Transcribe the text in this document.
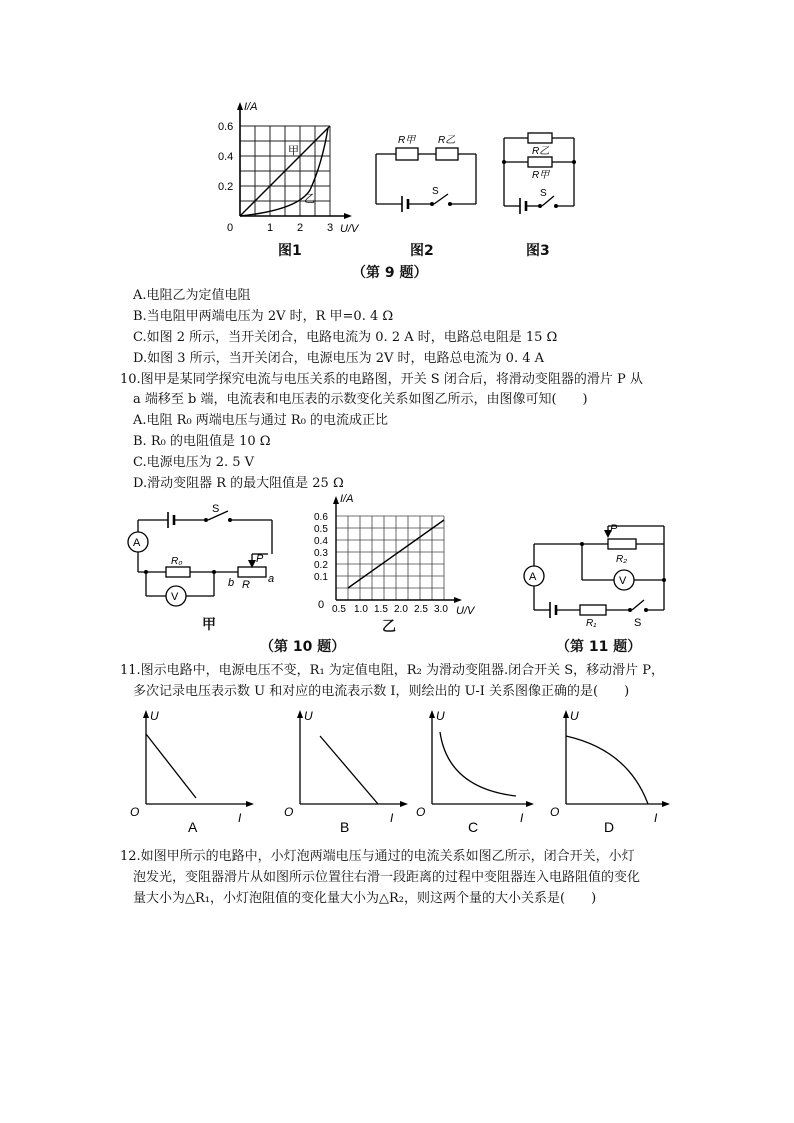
I/A
U/V
0.6
0.4
0.2
0	1 2 3
甲
乙
图1
R甲 R乙
S
图2
R乙
R甲
S
图3
（第 9 题）
A.电阻乙为定值电阻
B.当电阻甲两端电压为 2V 时，R 甲=0. 4 Ω
C.如图 2 所示，当开关闭合，电路电流为 0. 2 A 时，电路总电阻是 15 Ω
D.如图 3 所示，当开关闭合，电源电压为 2V 时，电路总电流为 0. 4 A
10.图甲是某同学探究电流与电压关系的电路图，开关 S 闭合后，将滑动变阻器的滑片 P 从
a 端移至 b 端，电流表和电压表的示数变化关系如图乙所示，由图像可知(　　)
A.电阻 R₀ 两端电压与通过 R₀ 的电流成正比
B. R₀ 的电阻值是 10 Ω
C.电源电压为 2. 5 V
D.滑动变阻器 R 的最大阻值是 25 Ω
A
V
S
R₀
R
P
a
b
甲
I/A
U/V
0
0.6
0.5
0.4
0.3
0.2
0.1
0.5 1.0 1.5 2.0 2.5 3.0
乙
（第 10 题）
P
R₂
V
A
R₁	S
（第 11 题）
11.图示电路中，电源电压不变，R₁ 为定值电阻，R₂ 为滑动变阻器.闭合开关 S，移动滑片 P，
多次记录电压表示数 U 和对应的电流表示数 I，则绘出的 U-I 关系图像正确的是(　　)
U
I
O
A
U
I
O
B
U
I
O
C
U
I
O
D
12.如图甲所示的电路中，小灯泡两端电压与通过的电流关系如图乙所示，闭合开关，小灯
泡发光，变阻器滑片从如图所示位置往右滑一段距离的过程中变阻器连入电路阻值的变化
量大小为△R₁，小灯泡阻值的变化量大小为△R₂，则这两个量的大小关系是(　　)
